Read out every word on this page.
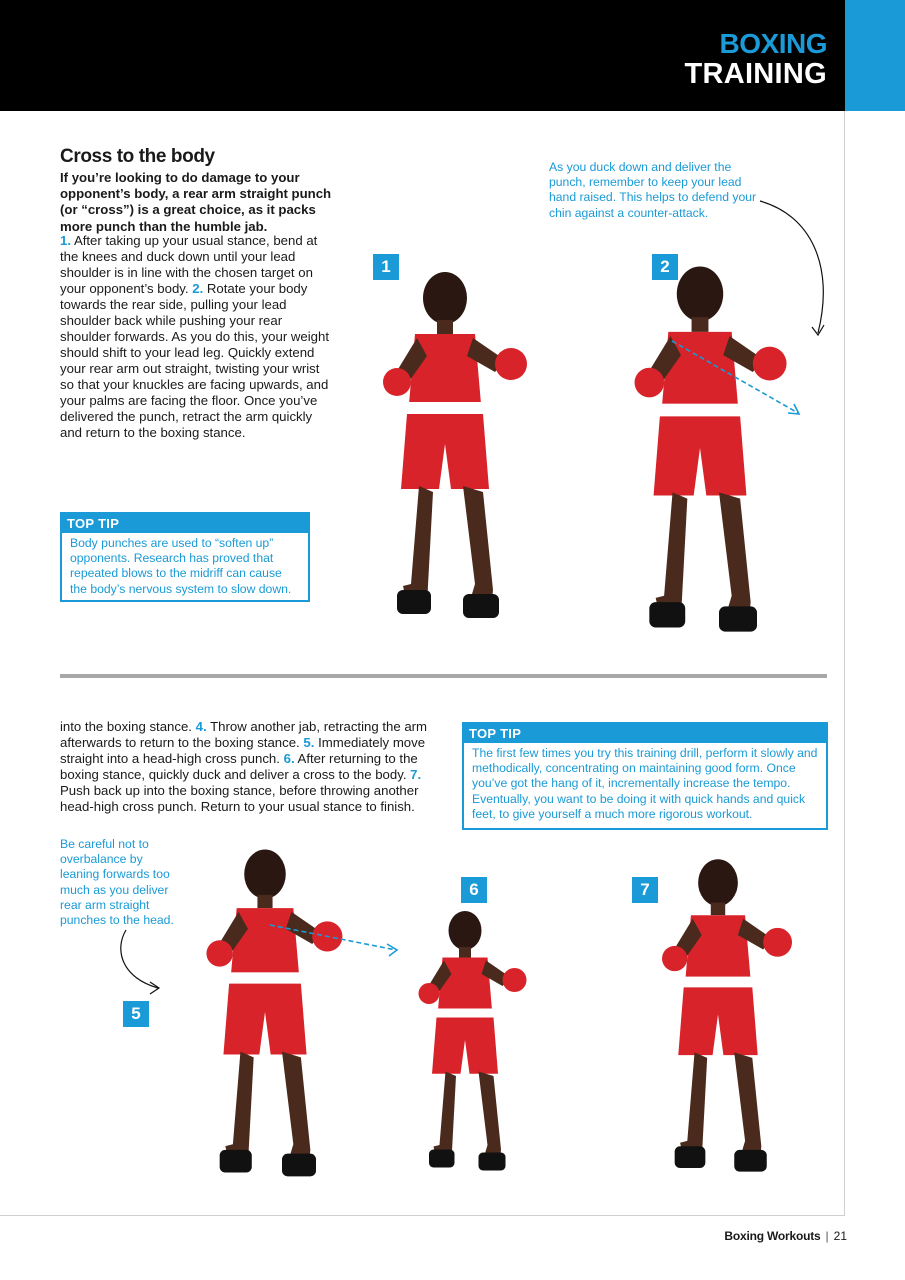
BOXING
TRAINING
Cross to the body
If you’re looking to do damage to your opponent’s body, a rear arm straight punch (or “cross”) is a great choice, as it packs more punch than the humble jab.
1. After taking up your usual stance, bend at the knees and duck down until your lead shoulder is in line with the chosen target on your opponent’s body. 2. Rotate your body towards the rear side, pulling your lead shoulder back while pushing your rear shoulder forwards. As you do this, your weight should shift to your lead leg. Quickly extend your rear arm out straight, twisting your wrist so that your knuckles are facing upwards, and your palms are facing the floor. Once you’ve delivered the punch, retract the arm quickly and return to the boxing stance.
As you duck down and deliver the punch, remember to keep your lead hand raised. This helps to defend your chin against a counter-attack.
1	2
TOP TIP
Body punches are used to “soften up” opponents. Research has proved that repeated blows to the midriff can cause the body’s nervous system to slow down.
into the boxing stance. 4. Throw another jab, retracting the arm afterwards to return to the boxing stance. 5. Immediately move straight into a head-high cross punch. 6. After returning to the boxing stance, quickly duck and deliver a cross to the body. 7. Push back up into the boxing stance, before throwing another head-high cross punch. Return to your usual stance to finish.
TOP TIP
The first few times you try this training drill, perform it slowly and methodically, concentrating on maintaining good form. Once you’ve got the hang of it, incrementally increase the tempo. Eventually, you want to be doing it with quick hands and quick feet, to give yourself a much more rigorous workout.
Be careful not to overbalance by leaning forwards too much as you deliver rear arm straight punches to the head.
5
6	7
Boxing Workouts | 21
